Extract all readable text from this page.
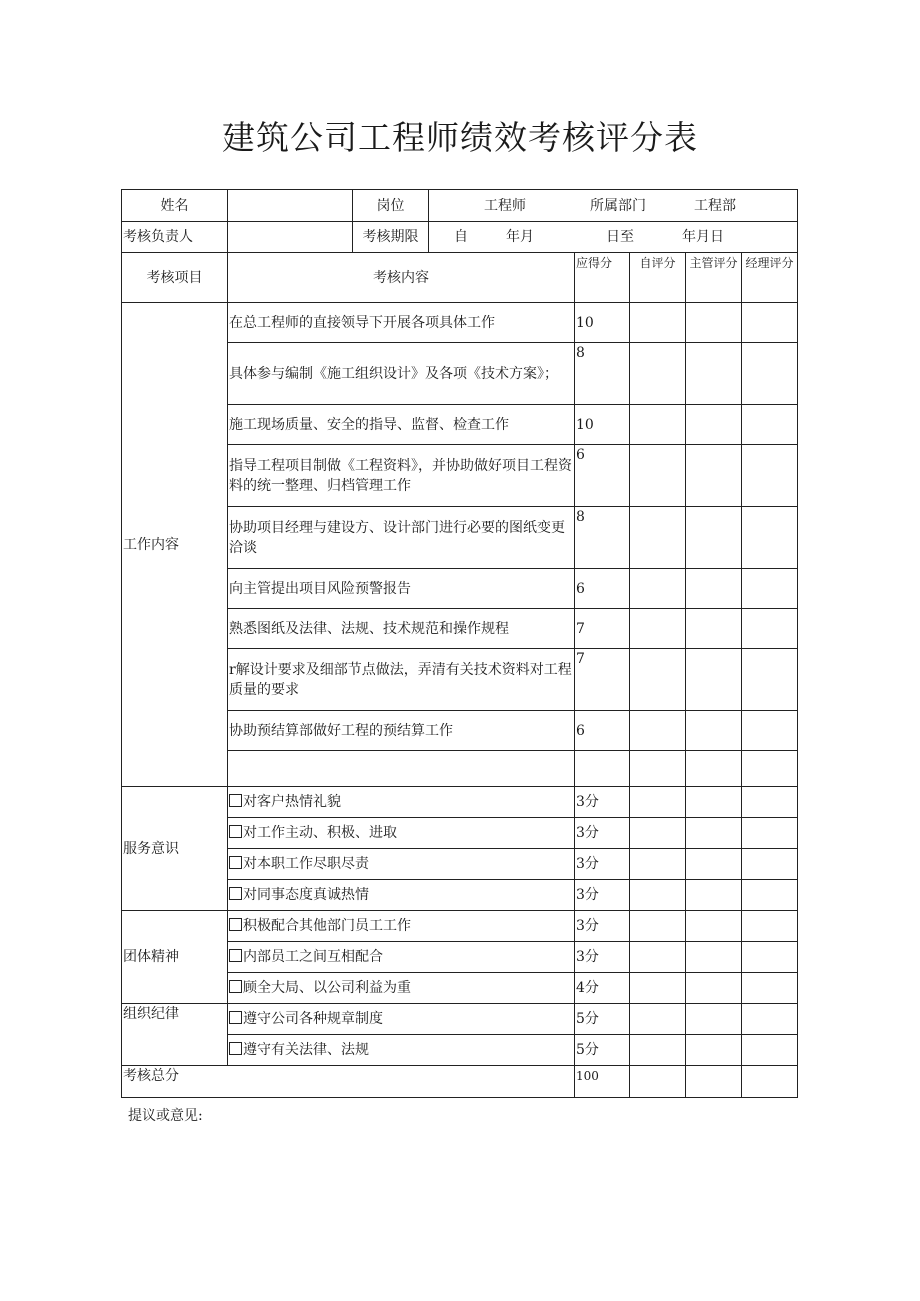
建筑公司工程师绩效考核评分表
姓名		岗位	工程师 所属部门 工程部				
考核负责人		考核期限	自 年月 日至 年月日				
考核项目	考核内容			应得分	自评分	主管评分	经理评分
工作内容	在总工程师的直接领导下开展各项具体工作			10			
	具体参与编制《施工组织设计》及各项《技术方案》；			8			
	施工现场质量、安全的指导、监督、检查工作			10			
	指导工程项目制做《工程资料》，并协助做好项目工程资料的统一整理、归档管理工作			6			
	协助项目经理与建设方、设计部门进行必要的图纸变更洽谈			8			
	向主管提出项目风险预警报告			6			
	熟悉图纸及法律、法规、技术规范和操作规程			7			
	r解设计要求及细部节点做法，弄清有关技术资料对工程质量的要求			7			
	协助预结算部做好工程的预结算工作			6			

服务意识	对客户热情礼貌			3分			
	对工作主动、积极、进取			3分			
	对本职工作尽职尽责			3分			
	对同事态度真诚热情			3分			
团体精神	积极配合其他部门员工工作			3分			
	内部员工之间互相配合			3分			
	顾全大局、以公司利益为重			4分			
组织纪律	遵守公司各种规章制度			5分			
	遵守有关法律、法规			5分			
考核总分				100			
提议或意见:
